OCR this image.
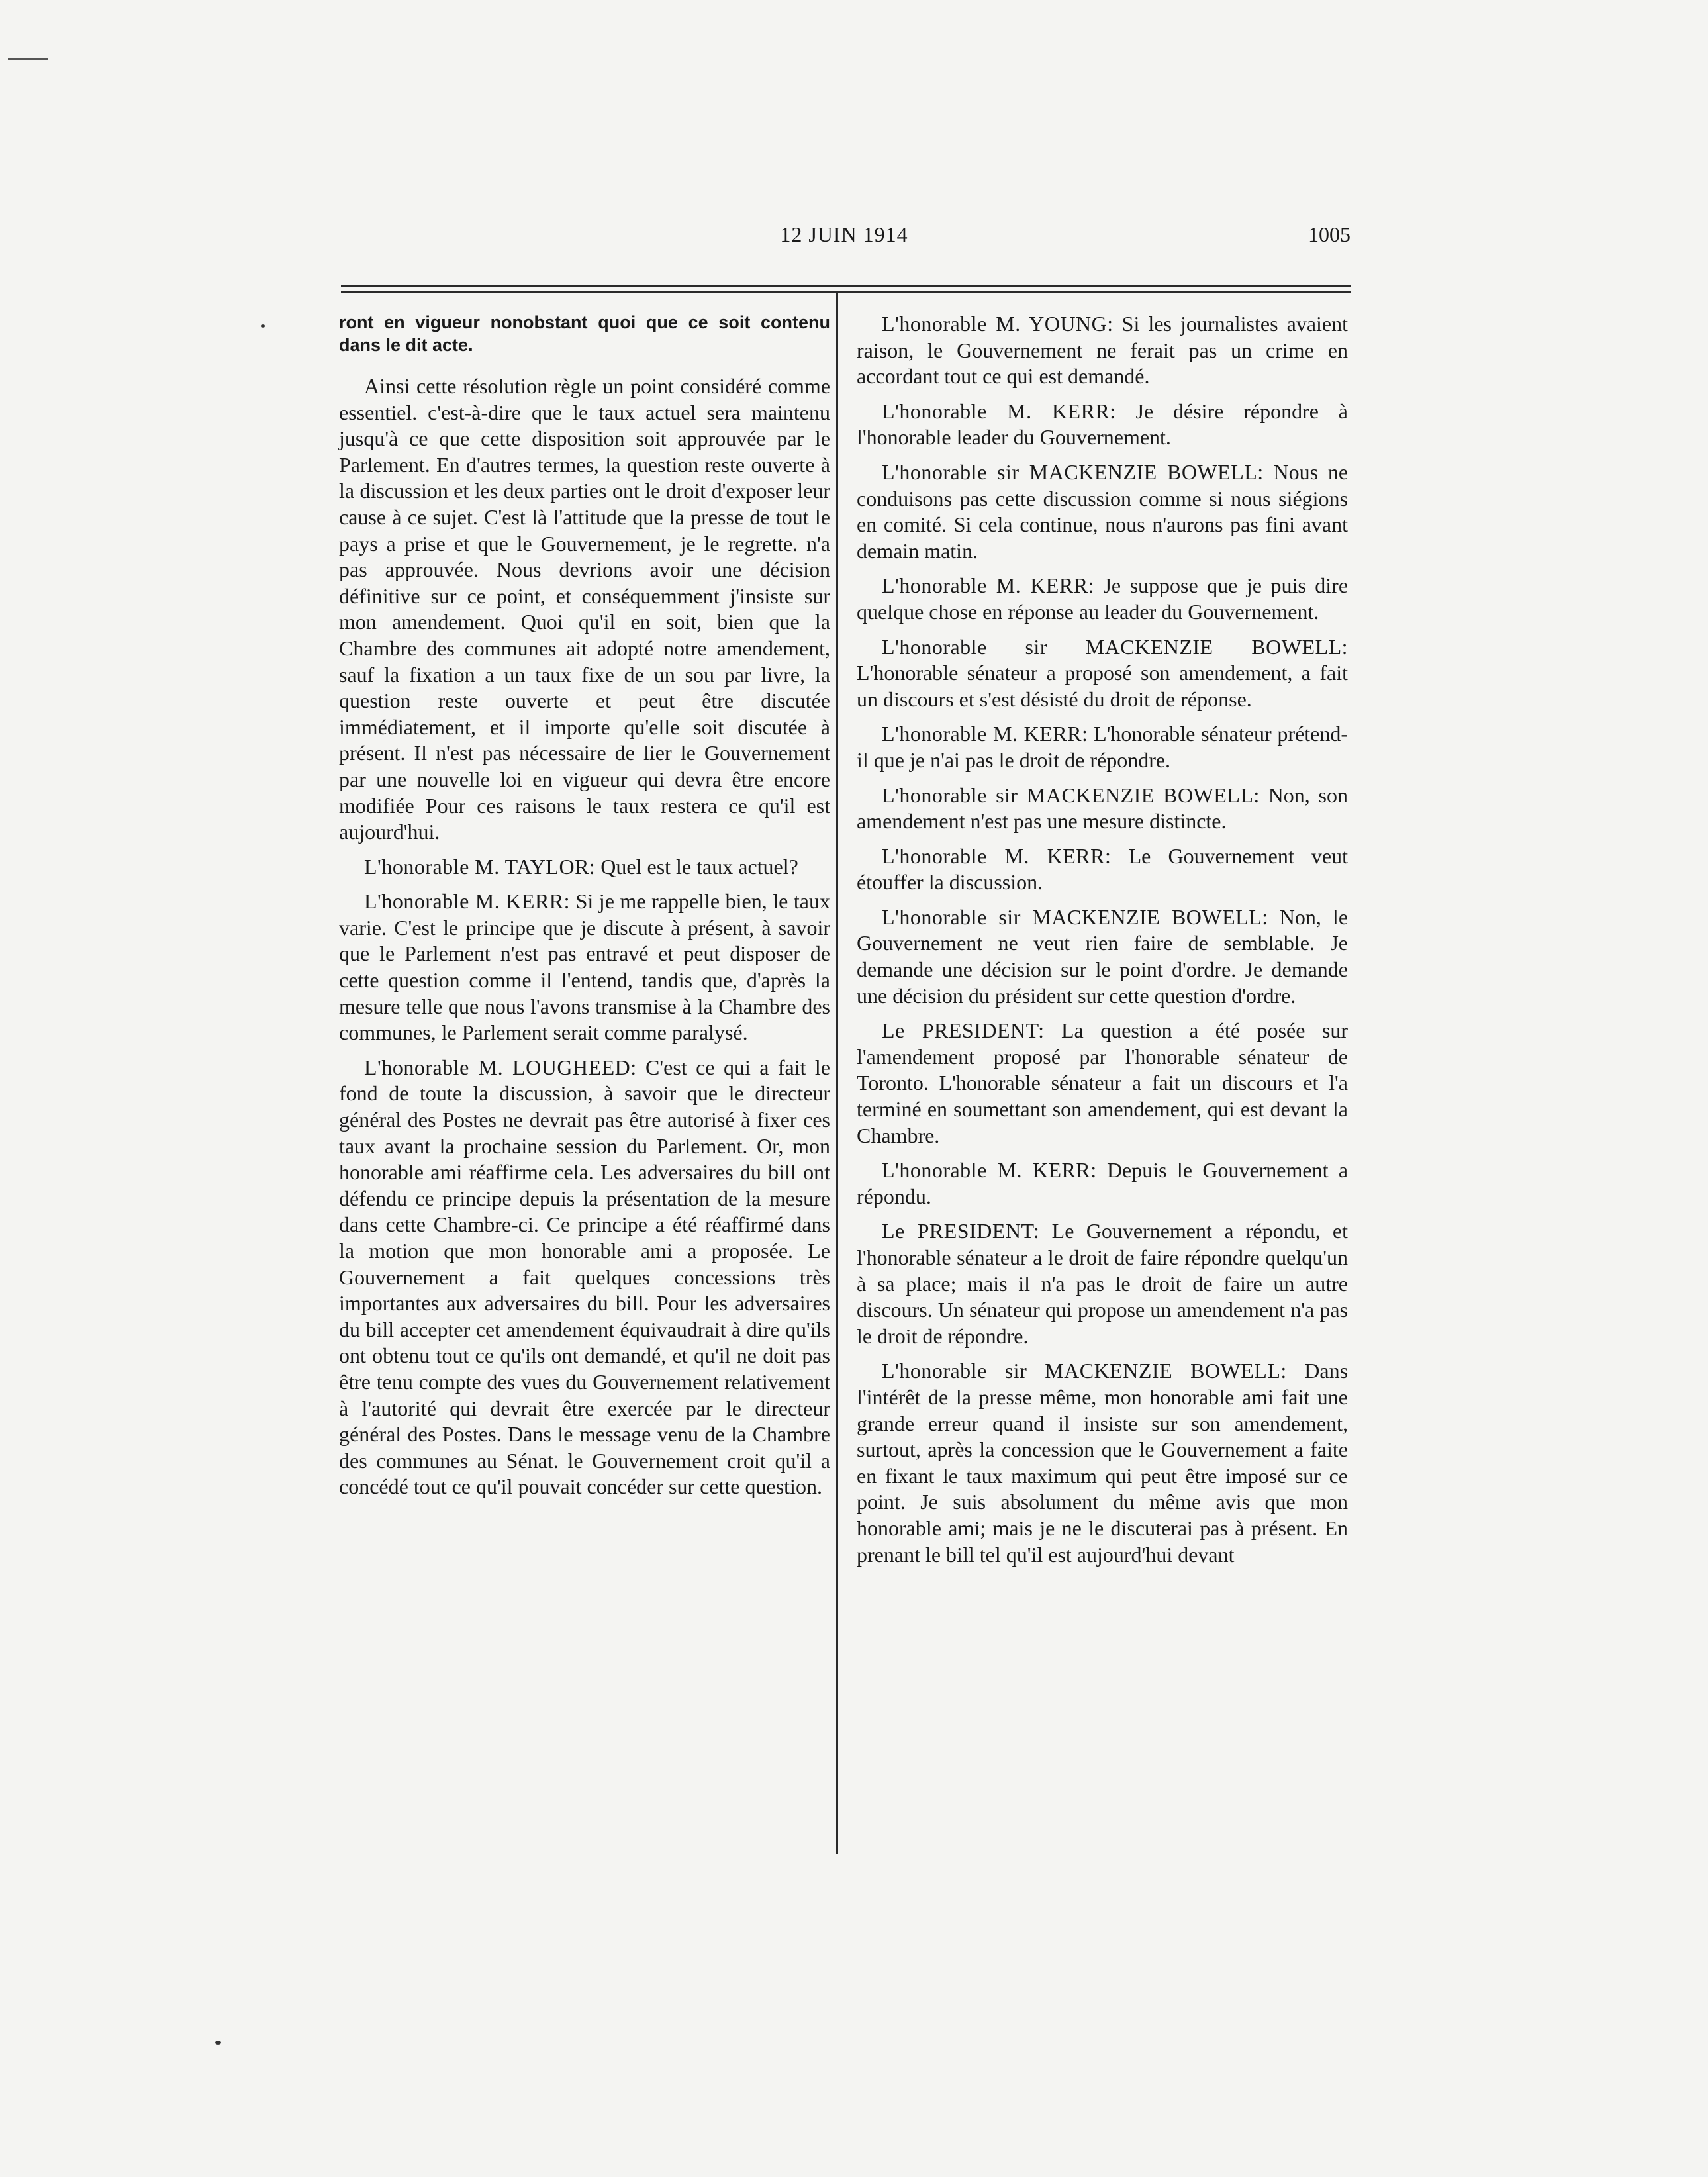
12 JUIN 1914	1005

ront en vigueur nonobstant quoi que ce soit contenu dans le dit acte.

Ainsi cette résolution règle un point considéré comme essentiel. c'est-à-dire que le taux actuel sera maintenu jusqu'à ce que cette disposition soit approuvée par le Parlement. En d'autres termes, la question reste ouverte à la discussion et les deux parties ont le droit d'exposer leur cause à ce sujet. C'est là l'attitude que la presse de tout le pays a prise et que le Gouvernement, je le regrette. n'a pas approuvée. Nous devrions avoir une décision définitive sur ce point, et conséquemment j'insiste sur mon amendement. Quoi qu'il en soit, bien que la Chambre des communes ait adopté notre amendement, sauf la fixation a un taux fixe de un sou par livre, la question reste ouverte et peut être discutée immédiatement, et il importe qu'elle soit discutée à présent. Il n'est pas nécessaire de lier le Gouvernement par une nouvelle loi en vigueur qui devra être encore modifiée Pour ces raisons le taux restera ce qu'il est aujourd'hui.

L'honorable M. TAYLOR: Quel est le taux actuel?

L'honorable M. KERR: Si je me rappelle bien, le taux varie. C'est le principe que je discute à présent, à savoir que le Parlement n'est pas entravé et peut disposer de cette question comme il l'entend, tandis que, d'après la mesure telle que nous l'avons transmise à la Chambre des communes, le Parlement serait comme paralysé.

L'honorable M. LOUGHEED: C'est ce qui a fait le fond de toute la discussion, à savoir que le directeur général des Postes ne devrait pas être autorisé à fixer ces taux avant la prochaine session du Parlement. Or, mon honorable ami réaffirme cela. Les adversaires du bill ont défendu ce principe depuis la présentation de la mesure dans cette Chambre-ci. Ce principe a été réaffirmé dans la motion que mon honorable ami a proposée. Le Gouvernement a fait quelques concessions très importantes aux adversaires du bill. Pour les adversaires du bill accepter cet amendement équivaudrait à dire qu'ils ont obtenu tout ce qu'ils ont demandé, et qu'il ne doit pas être tenu compte des vues du Gouvernement relativement à l'autorité qui devrait être exercée par le directeur général des Postes. Dans le message venu de la Chambre des communes au Sénat. le Gouvernement croit qu'il a concédé tout ce qu'il pouvait concéder sur cette question.

L'honorable M. YOUNG: Si les journalistes avaient raison, le Gouvernement ne ferait pas un crime en accordant tout ce qui est demandé.

L'honorable M. KERR: Je désire répondre à l'honorable leader du Gouvernement.

L'honorable sir MACKENZIE BOWELL: Nous ne conduisons pas cette discussion comme si nous siégions en comité. Si cela continue, nous n'aurons pas fini avant demain matin.

L'honorable M. KERR: Je suppose que je puis dire quelque chose en réponse au leader du Gouvernement.

L'honorable sir MACKENZIE BOWELL: L'honorable sénateur a proposé son amendement, a fait un discours et s'est désisté du droit de réponse.

L'honorable M. KERR: L'honorable sénateur prétend-il que je n'ai pas le droit de répondre.

L'honorable sir MACKENZIE BOWELL: Non, son amendement n'est pas une mesure distincte.

L'honorable M. KERR: Le Gouvernement veut étouffer la discussion.

L'honorable sir MACKENZIE BOWELL: Non, le Gouvernement ne veut rien faire de semblable. Je demande une décision sur le point d'ordre. Je demande une décision du président sur cette question d'ordre.

Le PRESIDENT: La question a été posée sur l'amendement proposé par l'honorable sénateur de Toronto. L'honorable sénateur a fait un discours et l'a terminé en soumettant son amendement, qui est devant la Chambre.

L'honorable M. KERR: Depuis le Gouvernement a répondu.

Le PRESIDENT: Le Gouvernement a répondu, et l'honorable sénateur a le droit de faire répondre quelqu'un à sa place; mais il n'a pas le droit de faire un autre discours. Un sénateur qui propose un amendement n'a pas le droit de répondre.

L'honorable sir MACKENZIE BOWELL: Dans l'intérêt de la presse même, mon honorable ami fait une grande erreur quand il insiste sur son amendement, surtout, après la concession que le Gouvernement a faite en fixant le taux maximum qui peut être imposé sur ce point. Je suis absolument du même avis que mon honorable ami; mais je ne le discuterai pas à présent. En prenant le bill tel qu'il est aujourd'hui devant
